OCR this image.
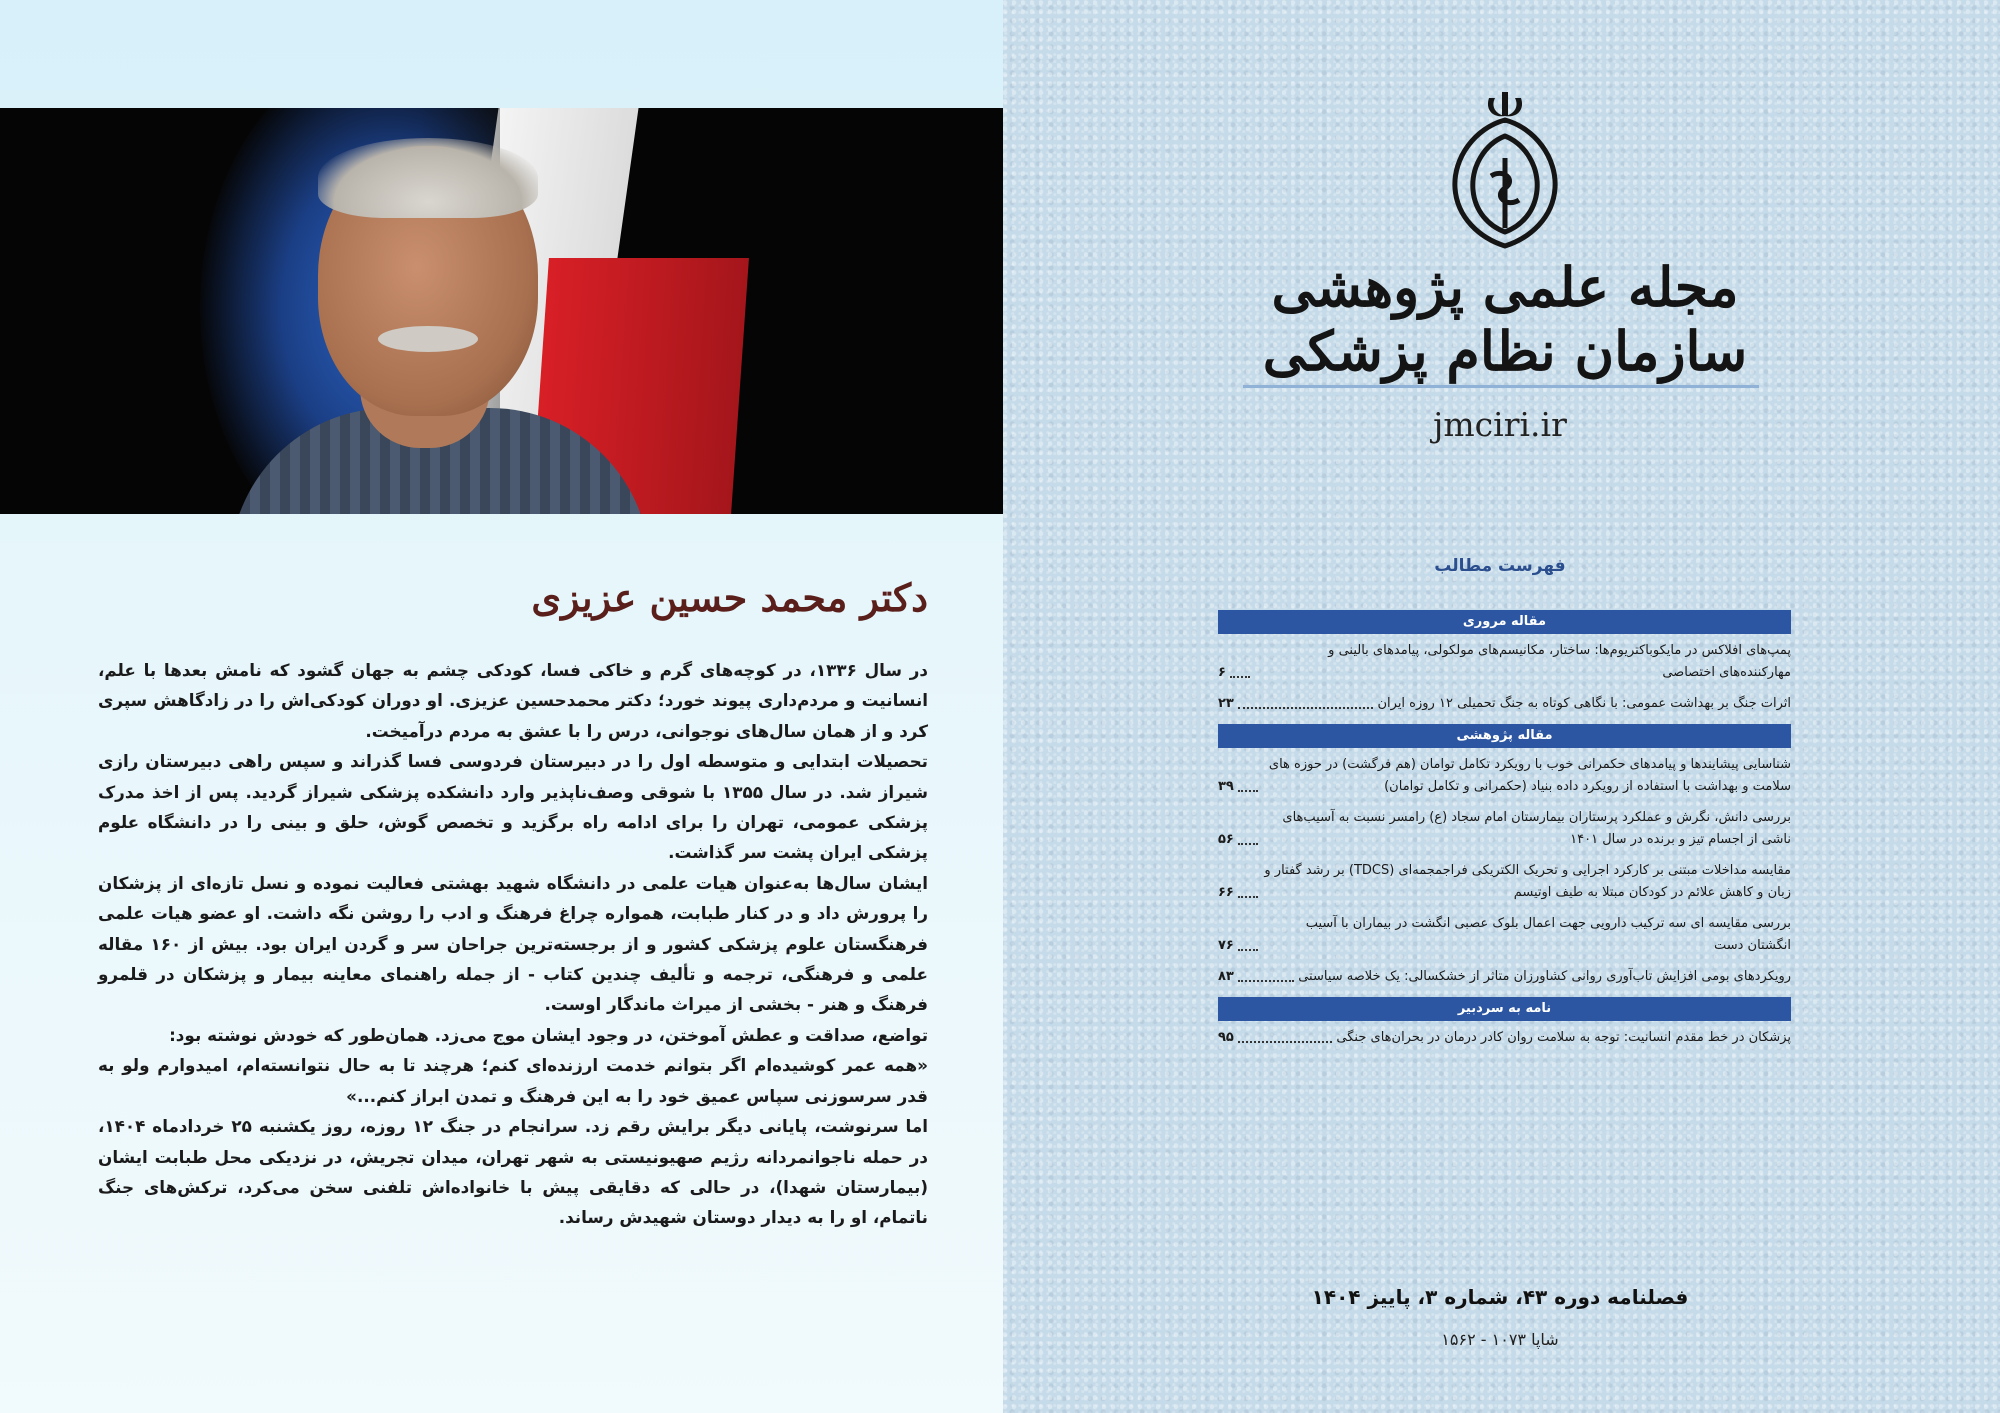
دکتر محمد حسین عزیزی

در سال ۱۳۳۶، در کوچه‌های گرم و خاکی فسا، کودکی چشم به جهان گشود که نامش بعدها با علم، انسانیت و مردم‌داری پیوند خورد؛ دکتر محمدحسین عزیزی. او دوران کودکی‌اش را در زادگاهش سپری کرد و از همان سال‌های نوجوانی، درس را با عشق به مردم درآمیخت.

تحصیلات ابتدایی و متوسطه اول را در دبیرستان فردوسی فسا گذراند و سپس راهی دبیرستان رازی شیراز شد. در سال ۱۳۵۵ با شوقی وصف‌ناپذیر وارد دانشکده پزشکی شیراز گردید. پس از اخذ مدرک پزشکی عمومی، تهران را برای ادامه راه برگزید و تخصص گوش، حلق و بینی را در دانشگاه علوم پزشکی ایران پشت سر گذاشت.

ایشان سال‌ها به‌عنوان هیات علمی در دانشگاه شهید بهشتی فعالیت نموده و نسل تازه‌ای از پزشکان را پرورش داد و در کنار طبابت، همواره چراغ فرهنگ و ادب را روشن نگه داشت. او عضو هیات علمی فرهنگستان علوم پزشکی کشور و از برجسته‌ترین جراحان سر و گردن ایران بود. بیش از ۱۶۰ مقاله علمی و فرهنگی، ترجمه و تألیف چندین کتاب - از جمله راهنمای معاینه بیمار و پزشکان در قلمرو فرهنگ و هنر - بخشی از میراث ماندگار اوست.

تواضع، صداقت و عطش آموختن، در وجود ایشان موج می‌زد. همان‌طور که خودش نوشته بود:

«همه عمر کوشیده‌ام اگر بتوانم خدمت ارزنده‌ای کنم؛ هرچند تا به حال نتوانسته‌ام، امیدوارم ولو به قدر سرسوزنی سپاس عمیق خود را به این فرهنگ و تمدن ابراز کنم...»

اما سرنوشت، پایانی دیگر برایش رقم زد. سرانجام در جنگ ۱۲ روزه، روز یکشنبه ۲۵ خردادماه ۱۴۰۴، در حمله ناجوانمردانه رژیم صهیونیستی به شهر تهران، میدان تجریش، در نزدیکی محل طبابت ایشان (بیمارستان شهدا)، در حالی که دقایقی پیش با خانواده‌اش تلفنی سخن می‌کرد، ترکش‌های جنگ ناتمام، او را به دیدار دوستان شهیدش رساند.

مجله علمی پژوهشی سازمان نظام پزشکی
jmciri.ir
فهرست مطالب
مقاله مروری
پمپ‌های افلاکس در مایکوباکتریوم‌ها: ساختار، مکانیسم‌های مولکولی، پیامدهای بالینی و مهارکننده‌های اختصاصی
۶
اثرات جنگ بر بهداشت عمومی: با نگاهی کوتاه به جنگ تحمیلی ۱۲ روزه ایران
۲۳
مقاله پژوهشی
شناسایی پیشایندها و پیامدهای حکمرانی خوب با رویکرد تکامل توامان (هم فرگشت) در حوزه های سلامت و بهداشت با استفاده از رویکرد داده بنیاد (حکمرانی و تکامل توامان)
۳۹
بررسی دانش، نگرش و عملکرد پرستاران بیمارستان امام سجاد (ع) رامسر نسبت به آسیب‌های ناشی از اجسام تیز و برنده در سال ۱۴۰۱
۵۶
مقایسه مداخلات مبتنی بر کارکرد اجرایی و تحریک الکتریکی فراجمجمه‌ای (TDCS) بر رشد گفتار و زبان و کاهش علائم در کودکان مبتلا به طیف اوتیسم
۶۶
بررسی مقایسه ای سه ترکیب دارویی جهت اعمال بلوک عصبی انگشت در بیماران با آسیب انگشتان دست
۷۶
رویکردهای بومی افزایش تاب‌آوری روانی کشاورزان متاثر از خشکسالی: یک خلاصه سیاستی
۸۳
نامه به سردبیر
پزشکان در خط مقدم انسانیت: توجه به سلامت روان کادر درمان در بحران‌های جنگی
۹۵
فصلنامه دوره ۴۳، شماره ۳، پاییز ۱۴۰۴
شاپا ۱۰۷۳ - ۱۵۶۲
